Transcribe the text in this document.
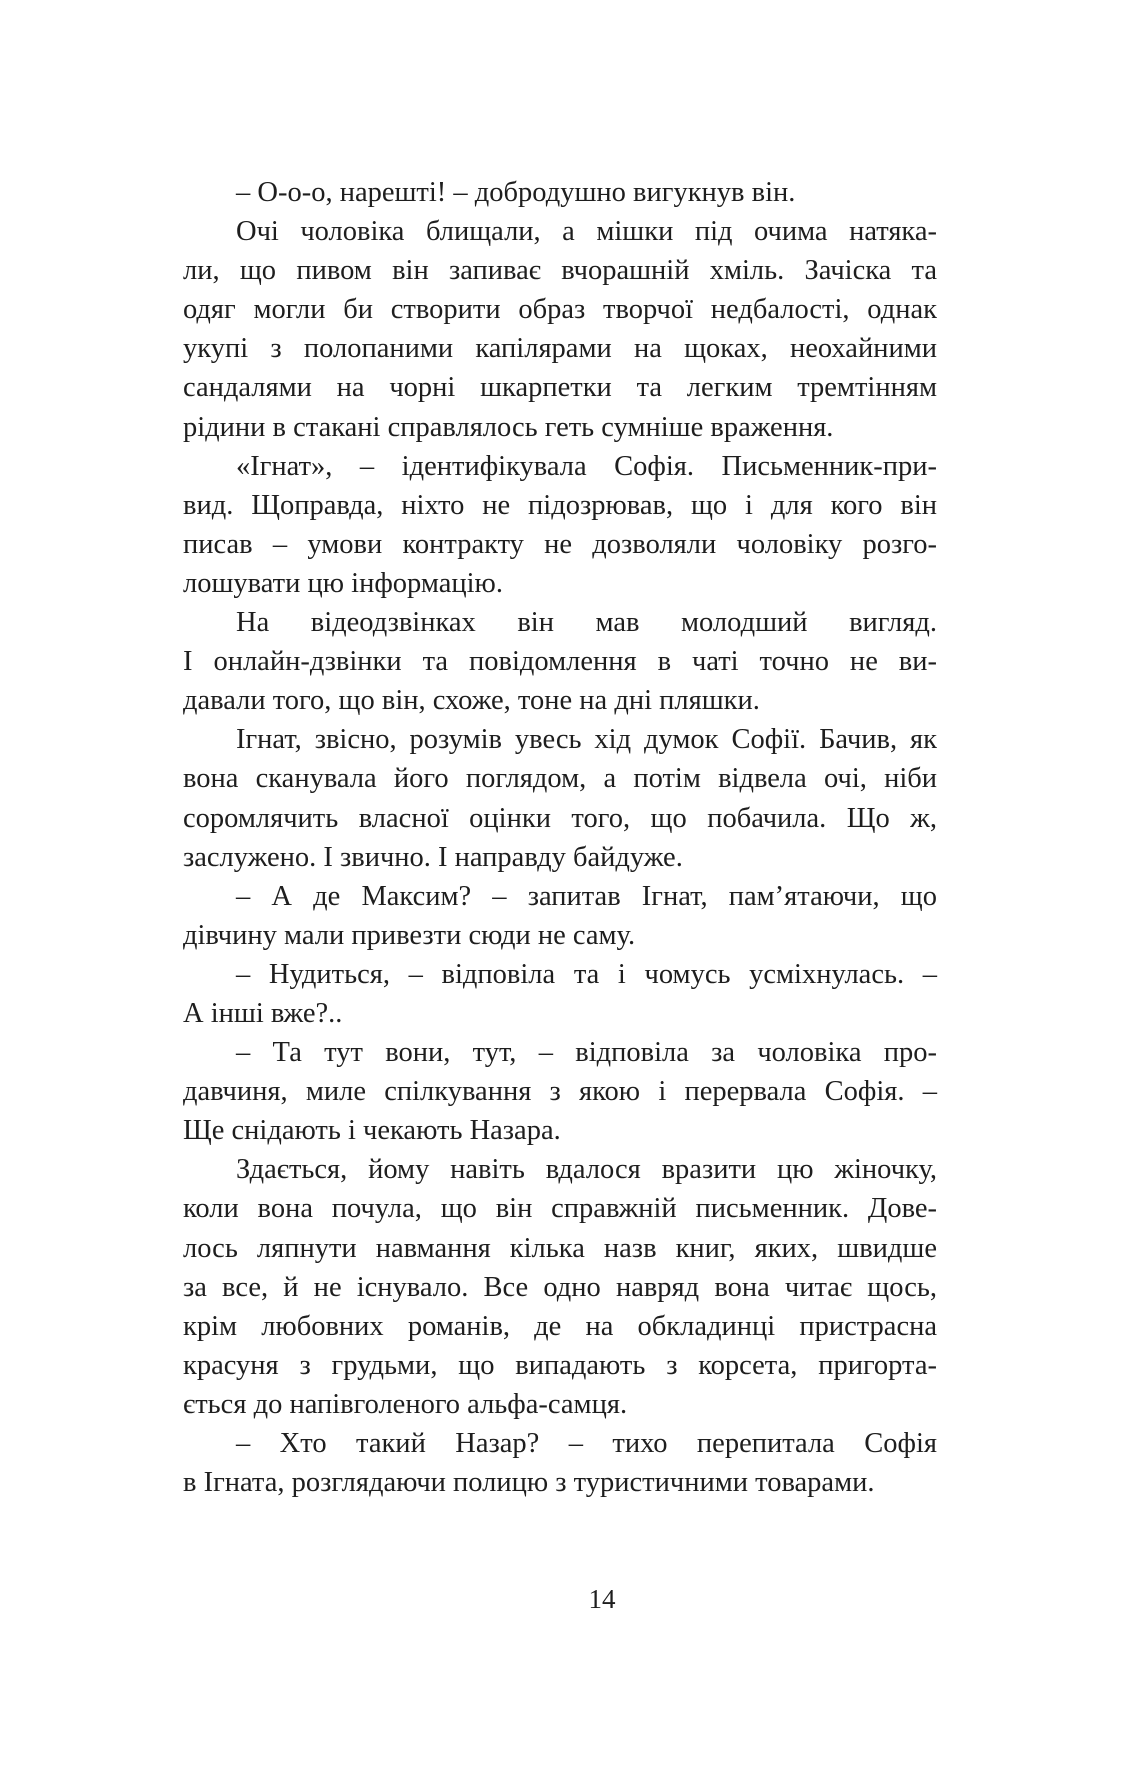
– О-о-о, нарешті! – добродушно вигукнув він.
Очі чоловіка блищали, а мішки під очима натяка-
ли, що пивом він запиває вчорашній хміль. Зачіска та
одяг могли би створити образ творчої недбалості, однак
укупі з полопаними капілярами на щоках, неохайними
сандалями на чорні шкарпетки та легким тремтінням
рідини в стакані справлялось геть сумніше враження.
«Ігнат», – ідентифікувала Софія. Письменник-при-
вид. Щоправда, ніхто не підозрював, що і для кого він
писав – умови контракту не дозволяли чоловіку розго-
лошувати цю інформацію.
На відеодзвінках він мав молодший вигляд.
І онлайн-дзвінки та повідомлення в чаті точно не ви-
давали того, що він, схоже, тоне на дні пляшки.
Ігнат, звісно, розумів увесь хід думок Софії. Бачив, як
вона сканувала його поглядом, а потім відвела очі, ніби
соромлячить власної оцінки того, що побачила. Що ж,
заслужено. І звично. І направду байдуже.
– А де Максим? – запитав Ігнат, пам’ятаючи, що
дівчину мали привезти сюди не саму.
– Нудиться, – відповіла та і чомусь усміхнулась. –
А інші вже?..
– Та тут вони, тут, – відповіла за чоловіка про-
давчиня, миле спілкування з якою і перервала Софія. –
Ще снідають і чекають Назара.
Здається, йому навіть вдалося вразити цю жіночку,
коли вона почула, що він справжній письменник. Дове-
лось ляпнути навмання кілька назв книг, яких, швидше
за все, й не існувало. Все одно навряд вона читає щось,
крім любовних романів, де на обкладинці пристрасна
красуня з грудьми, що випадають з корсета, пригорта-
ється до напівголеного альфа-самця.
– Хто такий Назар? – тихо перепитала Софія
в Ігната, розглядаючи полицю з туристичними товарами.
14
